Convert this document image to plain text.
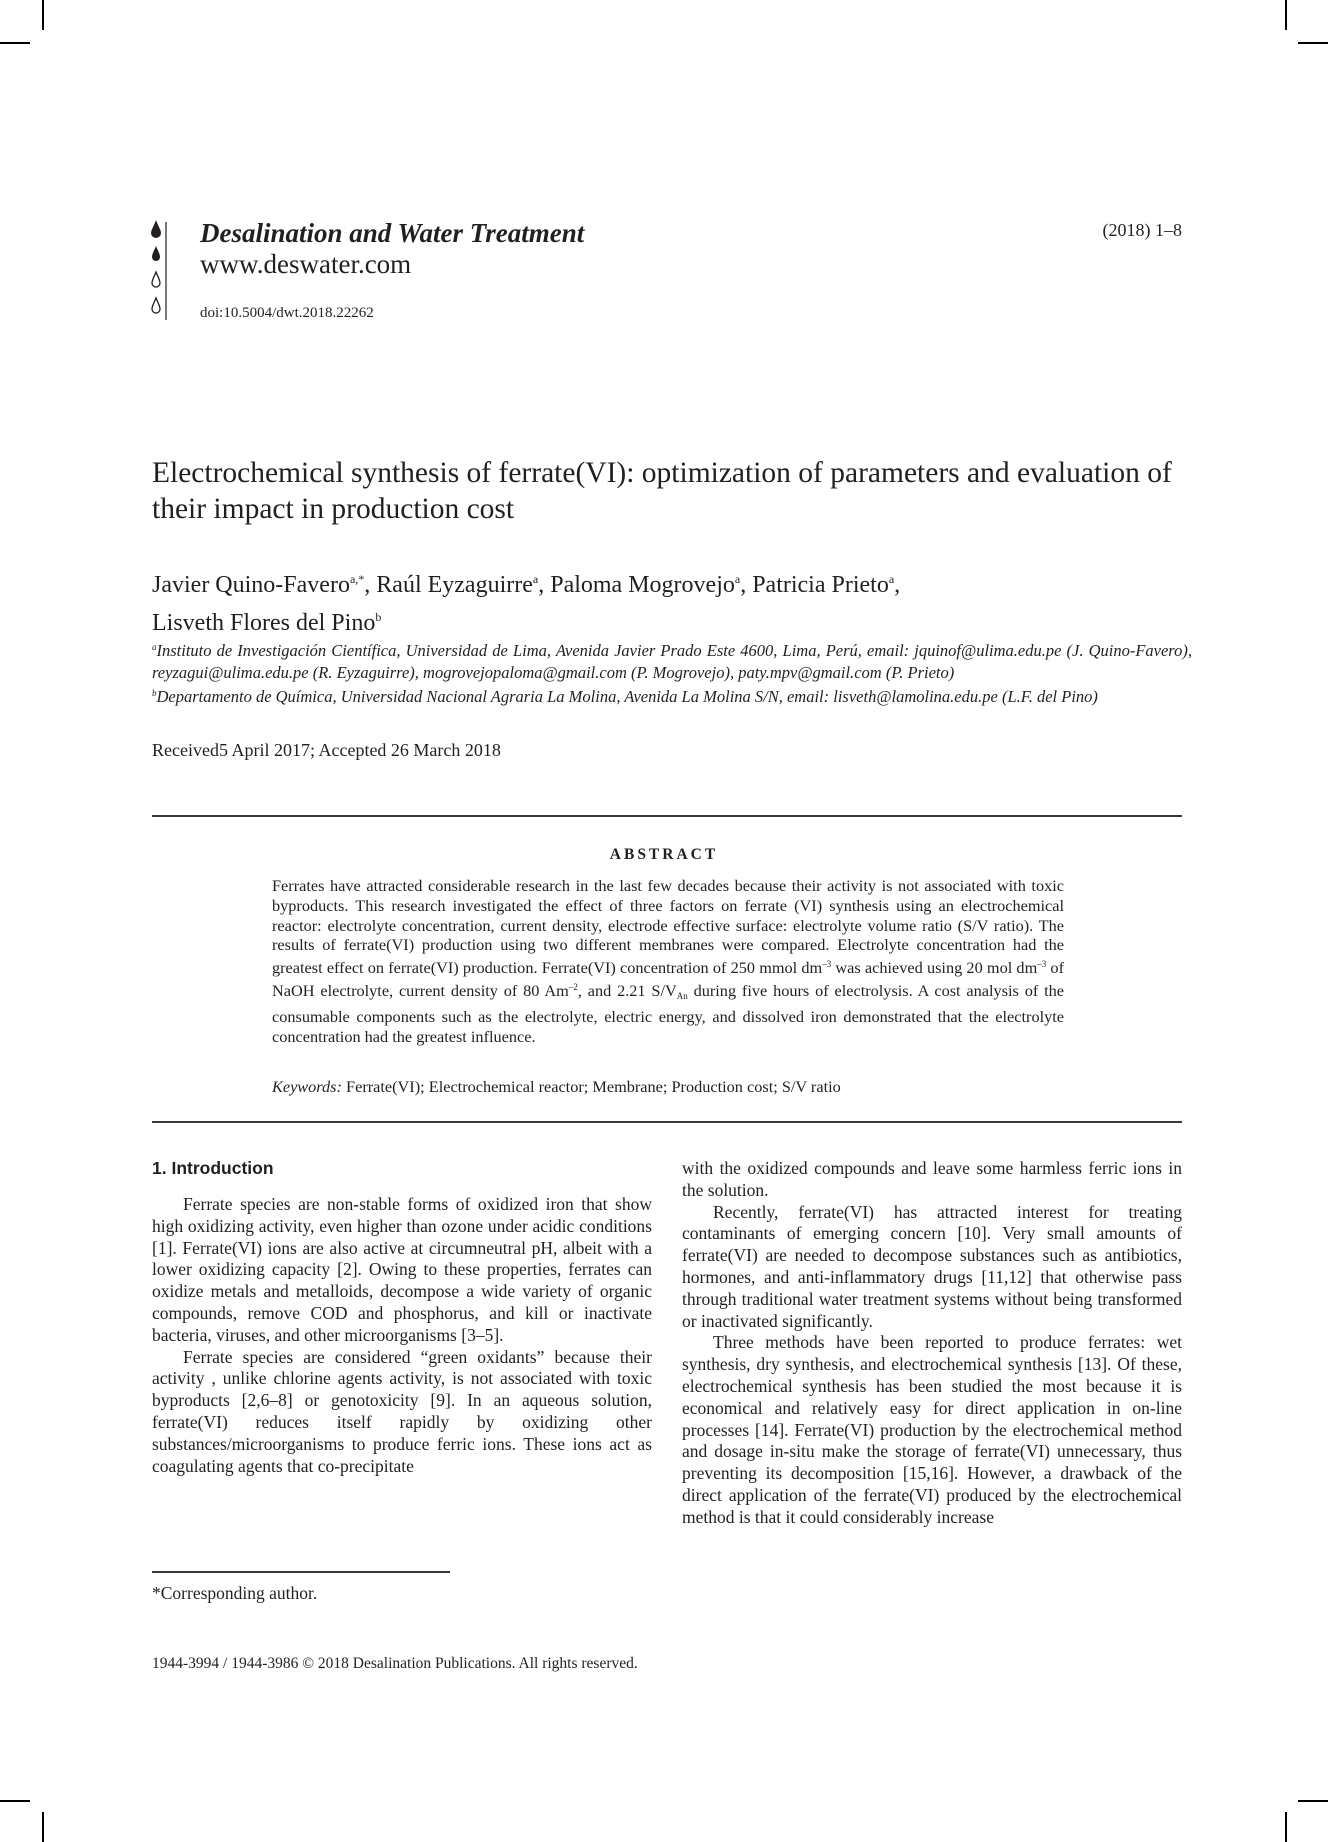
Desalination and Water Treatment
www.deswater.com
doi:10.5004/dwt.2018.22262
(2018) 1–8
Electrochemical synthesis of ferrate(VI): optimization of parameters and evaluation of their impact in production cost
Javier Quino-Favero$^{a,*}$, Raúl Eyzaguirre$^a$, Paloma Mogrovejo$^a$, Patricia Prieto$^a$,
Lisveth Flores del Pino$^b$

$^a$Instituto de Investigación Científica, Universidad de Lima, Avenida Javier Prado Este 4600, Lima, Perú, email: jquinof@ulima.edu.pe (J. Quino-Favero), reyzagui@ulima.edu.pe (R. Eyzaguirre), mogrovejopaloma@gmail.com (P. Mogrovejo), paty.mpv@gmail.com (P. Prieto)

$^b$Departamento de Química, Universidad Nacional Agraria La Molina, Avenida La Molina S/N, email: lisveth@lamolina.edu.pe (L.F. del Pino)

Received5 April 2017; Accepted 26 March 2018
ABSTRACT
Ferrates have attracted considerable research in the last few decades because their activity is not associated with toxic byproducts. This research investigated the effect of three factors on ferrate (VI) synthesis using an electrochemical reactor: electrolyte concentration, current density, electrode effective surface: electrolyte volume ratio (S/V ratio). The results of ferrate(VI) production using two different membranes were compared. Electrolyte concentration had the greatest effect on ferrate(VI) production. Ferrate(VI) concentration of 250 mmol $dm^{-3}$ was achieved using 20 mol $dm^{-3}$ of NaOH electrolyte, current density of 80 $Am^{-2}$, and 2.21 $S/V_{An}$ during five hours of electrolysis. A cost analysis of the consumable components such as the electrolyte, electric energy, and dissolved iron demonstrated that the electrolyte concentration had the greatest influence.
Keywords: Ferrate(VI); Electrochemical reactor; Membrane; Production cost; S/V ratio
1. Introduction

Ferrate species are non-stable forms of oxidized iron that show high oxidizing activity, even higher than ozone under acidic conditions [1]. Ferrate(VI) ions are also active at circumneutral pH, albeit with a lower oxidizing capacity [2]. Owing to these properties, ferrates can oxidize metals and metalloids, decompose a wide variety of organic compounds, remove COD and phosphorus, and kill or inactivate bacteria, viruses, and other microorganisms [3–5].

Ferrate species are considered “green oxidants” because their activity , unlike chlorine agents activity, is not associated with toxic byproducts [2,6–8] or genotoxicity [9]. In an aqueous solution, ferrate(VI) reduces itself rapidly by oxidizing other substances/microorganisms to produce ferric ions. These ions act as coagulating agents that co-precipitate

with the oxidized compounds and leave some harmless ferric ions in the solution.

Recently, ferrate(VI) has attracted interest for treating contaminants of emerging concern [10]. Very small amounts of ferrate(VI) are needed to decompose substances such as antibiotics, hormones, and anti-inflammatory drugs [11,12] that otherwise pass through traditional water treatment systems without being transformed or inactivated significantly.

Three methods have been reported to produce ferrates: wet synthesis, dry synthesis, and electrochemical synthesis [13]. Of these, electrochemical synthesis has been studied the most because it is economical and relatively easy for direct application in on-line processes [14]. Ferrate(VI) production by the electrochemical method and dosage in-situ make the storage of ferrate(VI) unnecessary, thus preventing its decomposition [15,16]. However, a drawback of the direct application of the ferrate(VI) produced by the electrochemical method is that it could considerably increase

*Corresponding author.
1944-3994 / 1944-3986 © 2018 Desalination Publications. All rights reserved.
